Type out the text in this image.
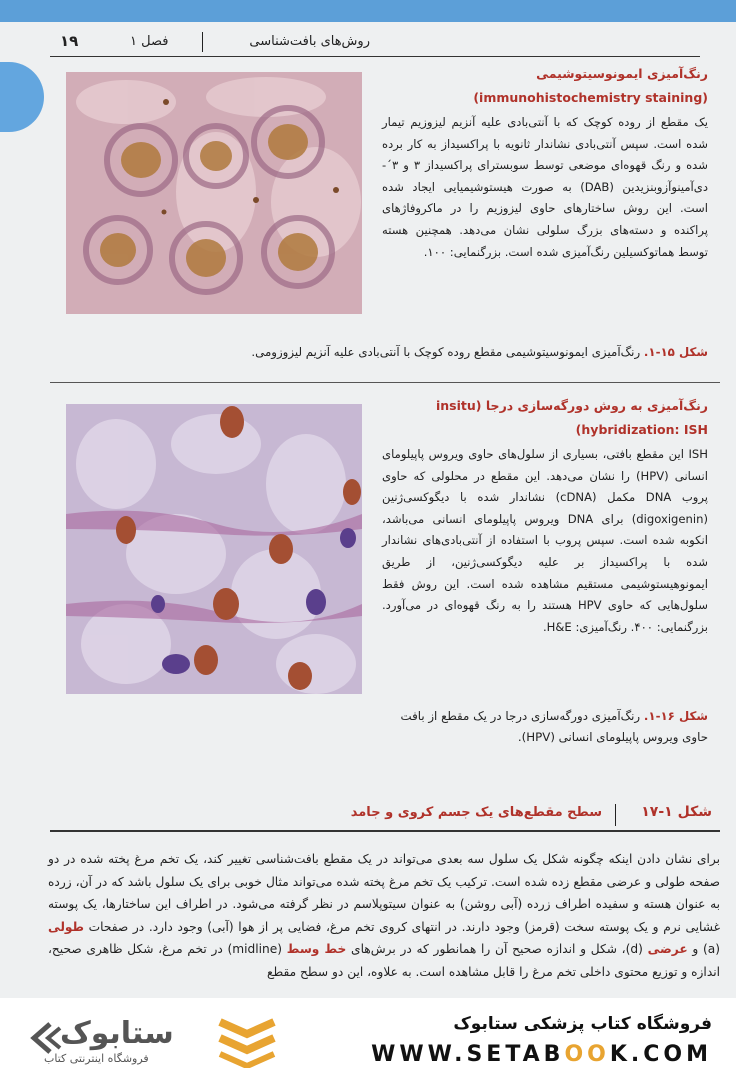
روش‌های بافت‌شناسی
فصل ۱
۱۹
رنگ‌آمیزی ایمونوسیتوشیمی (immunohistochemistry staining)
یک مقطع از روده کوچک که با آنتی‌بادی علیه آنزیم لیزوزیم تیمار شده است. سپس آنتی‌بادی نشاندار ثانویه با پراکسیداز به کار برده شده و رنگ قهوه‌ای موضعی توسط سوبسترای پراکسیداز ۳ و ۳´-دی‌آمینوآزوبنزیدین (DAB) به صورت هیستوشیمیایی ایجاد شده است. این روش ساختارهای حاوی لیزوزیم را در ماکروفاژهای پراکنده و دسته‌های بزرگ سلولی نشان می‌دهد. همچنین هسته توسط هماتوکسیلین رنگ‌آمیزی شده است. بزرگنمایی: ۱۰۰.
شکل ۱۵-۱. رنگ‌آمیزی ایمونوسیتوشیمی مقطع روده کوچک با آنتی‌بادی علیه آنزیم لیزوزومی.
رنگ‌آمیزی به روش دورگه‌سازی درجا (insitu hybridization: ISH)
ISH این مقطع بافتی، بسیاری از سلول‌های حاوی ویروس پاپیلومای انسانی (HPV) را نشان می‌دهد. این مقطع در محلولی که حاوی پروب DNA مکمل (cDNA) نشاندار شده با دیگوکسی‌ژنین (digoxigenin) برای DNA ویروس پاپیلومای انسانی می‌باشد، انکوبه شده است. سپس پروب با استفاده از آنتی‌بادی‌های نشاندار شده با پراکسیداز بر علیه دیگوکسی‌ژنین، از طریق ایمونوهیستوشیمی مستقیم مشاهده شده است. این روش فقط سلول‌هایی که حاوی HPV هستند را به رنگ قهوه‌ای در می‌آورد. بزرگنمایی: ۴۰۰. رنگ‌آمیزی: H&E.
شکل ۱۶-۱. رنگ‌آمیزی دورگه‌سازی درجا در یک مقطع از بافت حاوی ویروس پاپیلومای انسانی (HPV).
شکل ۱-۱۷
سطح مقطع‌های یک جسم کروی و جامد
برای نشان دادن اینکه چگونه شکل یک سلول سه بعدی می‌تواند در یک مقطع بافت‌شناسی تغییر کند، یک تخم مرغ پخته شده در دو صفحه طولی و عرضی مقطع زده شده است. ترکیب یک تخم مرغ پخته شده می‌تواند مثال خوبی برای یک سلول باشد که در آن، زرده به عنوان هسته و سفیده اطراف زرده (آبی روشن) به عنوان سیتوپلاسم در نظر گرفته می‌شود. در اطراف این ساختارها، یک پوسته غشایی نرم و یک پوسته سخت (قرمز) وجود دارند. در انتهای کروی تخم مرغ، فضایی پر از هوا (آبی) وجود دارد. در صفحات طولی (a) و عرضی (d)، شکل و اندازه صحیح آن را همانطور که در برش‌های خط وسط (midline) در تخم مرغ، شکل ظاهری صحیح، اندازه و توزیع محتوی داخلی تخم مرغ را قابل مشاهده است. به علاوه، این دو سطح مقطع
ستابوک
فروشگاه اینترنتی کتاب
فروشگاه کتاب پزشکی ستابوک
WWW.SETABOOK.COM
